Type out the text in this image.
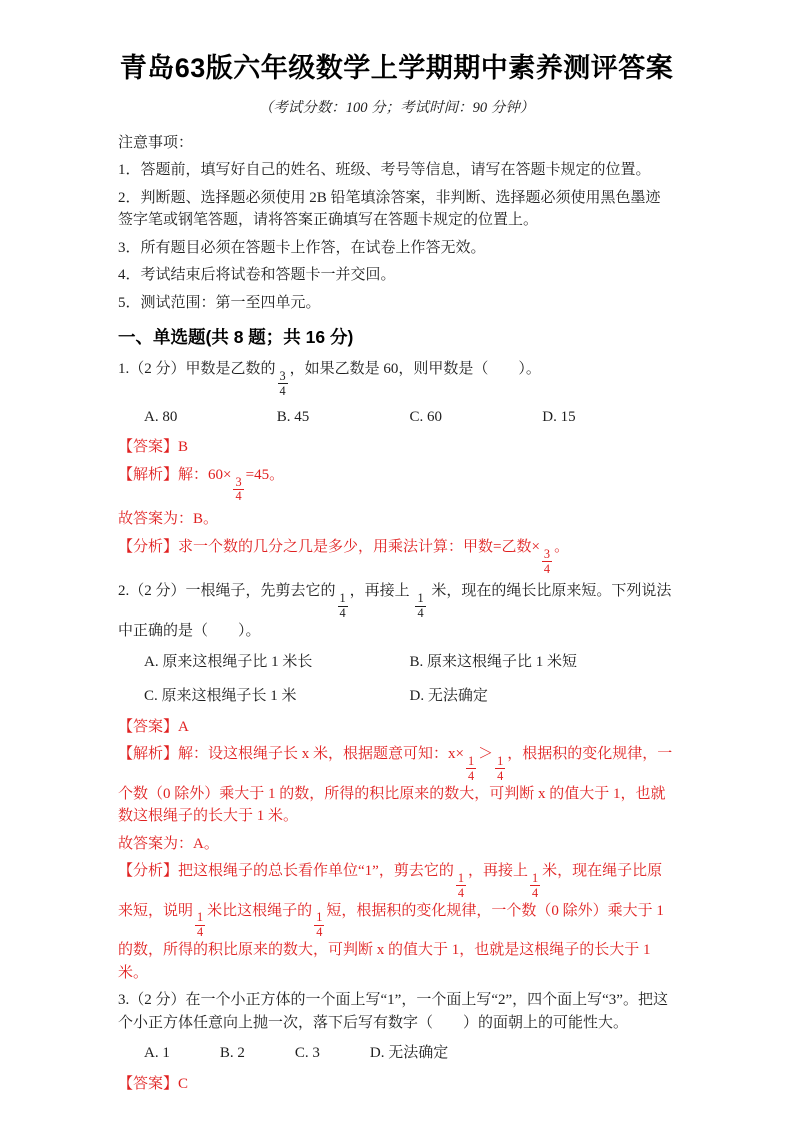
青岛63版六年级数学上学期期中素养测评答案
（考试分数：100 分；考试时间：90 分钟）
注意事项：
1．答题前，填写好自己的姓名、班级、考号等信息，请写在答题卡规定的位置。
2．判断题、选择题必须使用 2B 铅笔填涂答案，非判断、选择题必须使用黑色墨迹签字笔或钢笔答题，请将答案正确填写在答题卡规定的位置上。
3．所有题目必须在答题卡上作答，在试卷上作答无效。
4．考试结束后将试卷和答题卡一并交回。
5．测试范围：第一至四单元。
一、单选题(共 8 题；共 16 分)
1.（2 分）甲数是乙数的
$\frac{3}{4}$
，如果乙数是 60，则甲数是（　　）。
A. 80	B. 45	C. 60	D. 15
【答案】B
【解析】解：60×
$\frac{3}{4}$
=45。
故答案为：B。
【分析】求一个数的几分之几是多少，用乘法计算：甲数=乙数×
$\frac{3}{4}$
。
2.（2 分）一根绳子，先剪去它的
$\frac{1}{4}$
，再接上
$\frac{1}{4}$
米，现在的绳长比原来短。下列说法中正确的是（　　）。
A. 原来这根绳子比 1 米长	B. 原来这根绳子比 1 米短
C. 原来这根绳子长 1 米	D. 无法确定
【答案】A
【解析】解：设这根绳子长 x 米，根据题意可知：x×
$\frac{1}{4}$
＞
$\frac{1}{4}$
，根据积的变化规律，一个数（0 除外）乘大于 1 的数，所得的积比原来的数大，可判断 x 的值大于 1，也就数这根绳子的长大于 1 米。
故答案为：A。
【分析】把这根绳子的总长看作单位“1”，剪去它的
$\frac{1}{4}$
，再接上
$\frac{1}{4}$
米，现在绳子比原来短，说明
$\frac{1}{4}$
米比这根绳子的
$\frac{1}{4}$
短，根据积的变化规律，一个数（0 除外）乘大于 1 的数，所得的积比原来的数大，可判断 x 的值大于 1，也就是这根绳子的长大于 1 米。
3.（2 分）在一个小正方体的一个面上写“1”，一个面上写“2”，四个面上写“3”。把这个小正方体任意向上抛一次，落下后写有数字（　　）的面朝上的可能性大。
A. 1	B. 2	C. 3	D. 无法确定
【答案】C
